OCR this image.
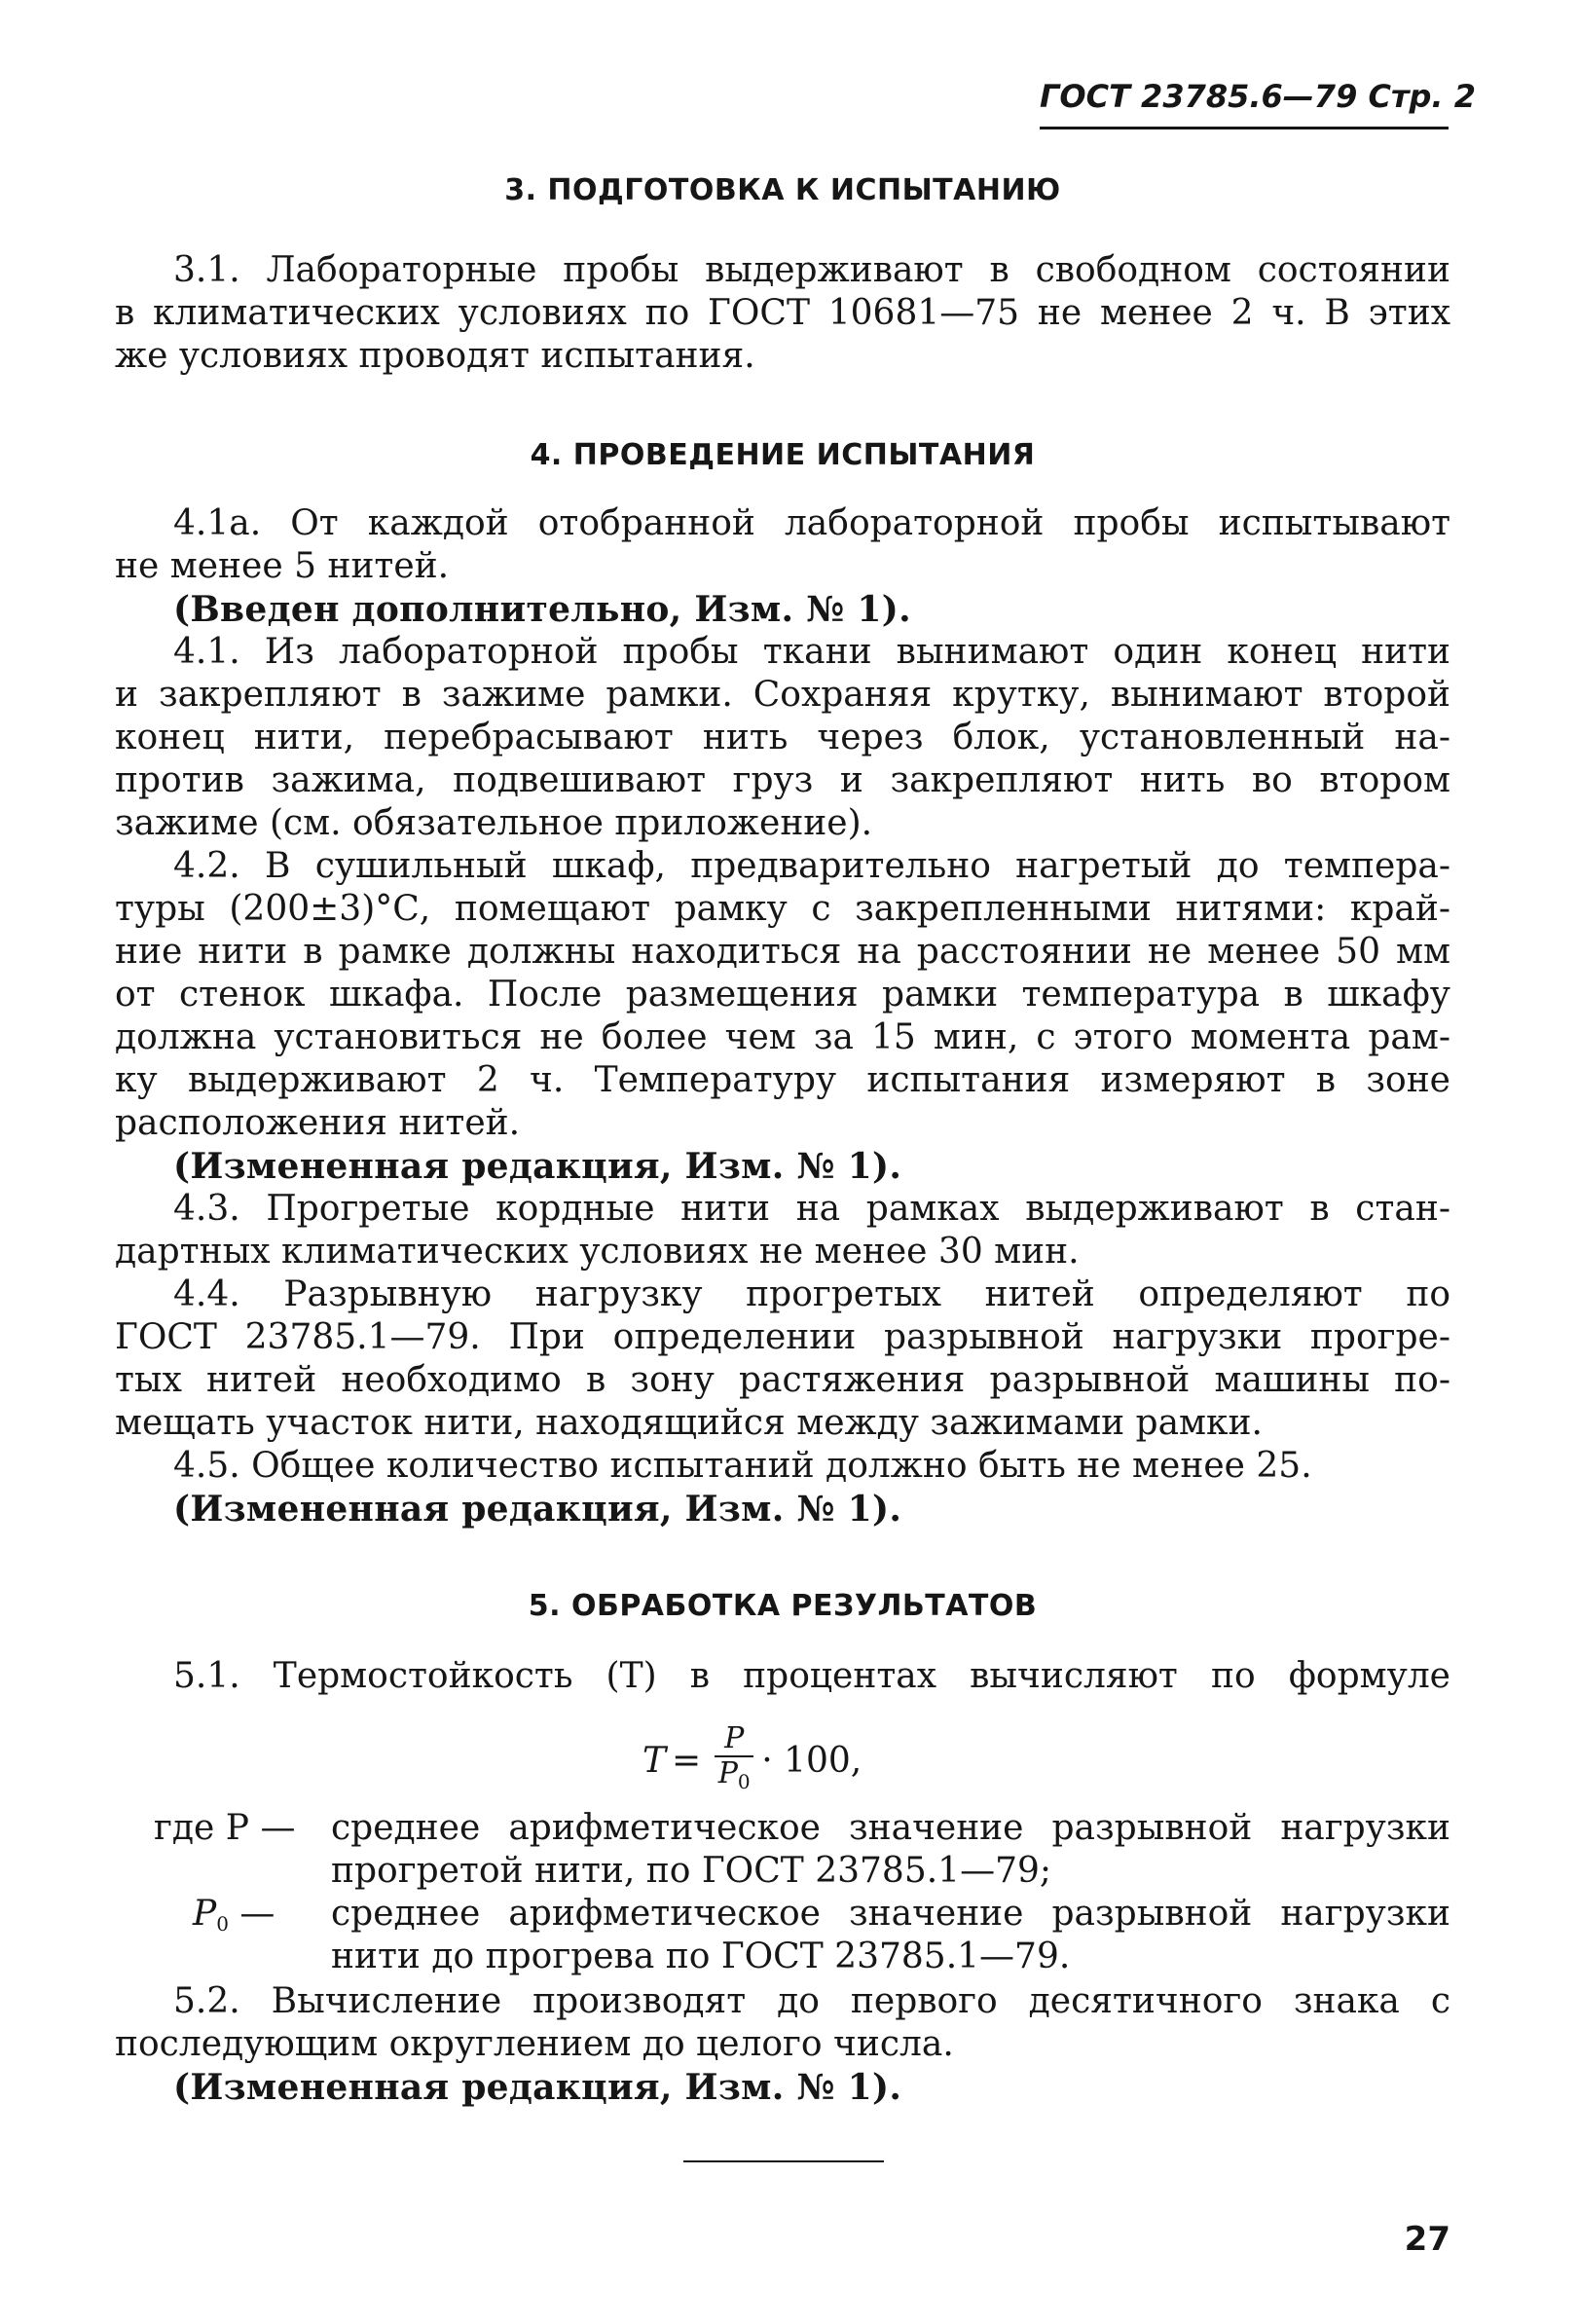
ГОСТ 23785.6—79 Стр. 2
3. ПОДГОТОВКА К ИСПЫТАНИЮ
3.1. Лабораторные пробы выдерживают в свободном состоянии
в климатических условиях по ГОСТ 10681—75 не менее 2 ч. В этих
же условиях проводят испытания.
4. ПРОВЕДЕНИЕ ИСПЫТАНИЯ
4.1а. От каждой отобранной лабораторной пробы испытывают
не менее 5 нитей.
(Введен дополнительно, Изм. № 1).
4.1. Из лабораторной пробы ткани вынимают один конец нити
и закрепляют в зажиме рамки. Сохраняя крутку, вынимают второй
конец нити, перебрасывают нить через блок, установленный на-
против зажима, подвешивают груз и закрепляют нить во втором
зажиме (см. обязательное приложение).
4.2. В сушильный шкаф, предварительно нагретый до темпера-
туры (200±3)°С, помещают рамку с закрепленными нитями: край-
ние нити в рамке должны находиться на расстоянии не менее 50 мм
от стенок шкафа. После размещения рамки температура в шкафу
должна установиться не более чем за 15 мин, с этого момента рам-
ку выдерживают 2 ч. Температуру испытания измеряют в зоне
расположения нитей.
(Измененная редакция, Изм. № 1).
4.3. Прогретые кордные нити на рамках выдерживают в стан-
дартных климатических условиях не менее 30 мин.
4.4. Разрывную нагрузку прогретых нитей определяют по
ГОСТ 23785.1—79. При определении разрывной нагрузки прогре-
тых нитей необходимо в зону растяжения разрывной машины по-
мещать участок нити, находящийся между зажимами рамки.
4.5. Общее количество испытаний должно быть не менее 25.
(Измененная редакция, Изм. № 1).
5. ОБРАБОТКА РЕЗУЛЬТАТОВ
5.1. Термостойкость (T) в процентах вычисляют по формуле
$T = \frac{P}{P_0} \cdot 100$,
где P — среднее арифметическое значение разрывной нагрузки
прогретой нити, по ГОСТ 23785.1—79;
$P_0$ — среднее арифметическое значение разрывной нагрузки
нити до прогрева по ГОСТ 23785.1—79.
5.2. Вычисление производят до первого десятичного знака с
последующим округлением до целого числа.
(Измененная редакция, Изм. № 1).
27
